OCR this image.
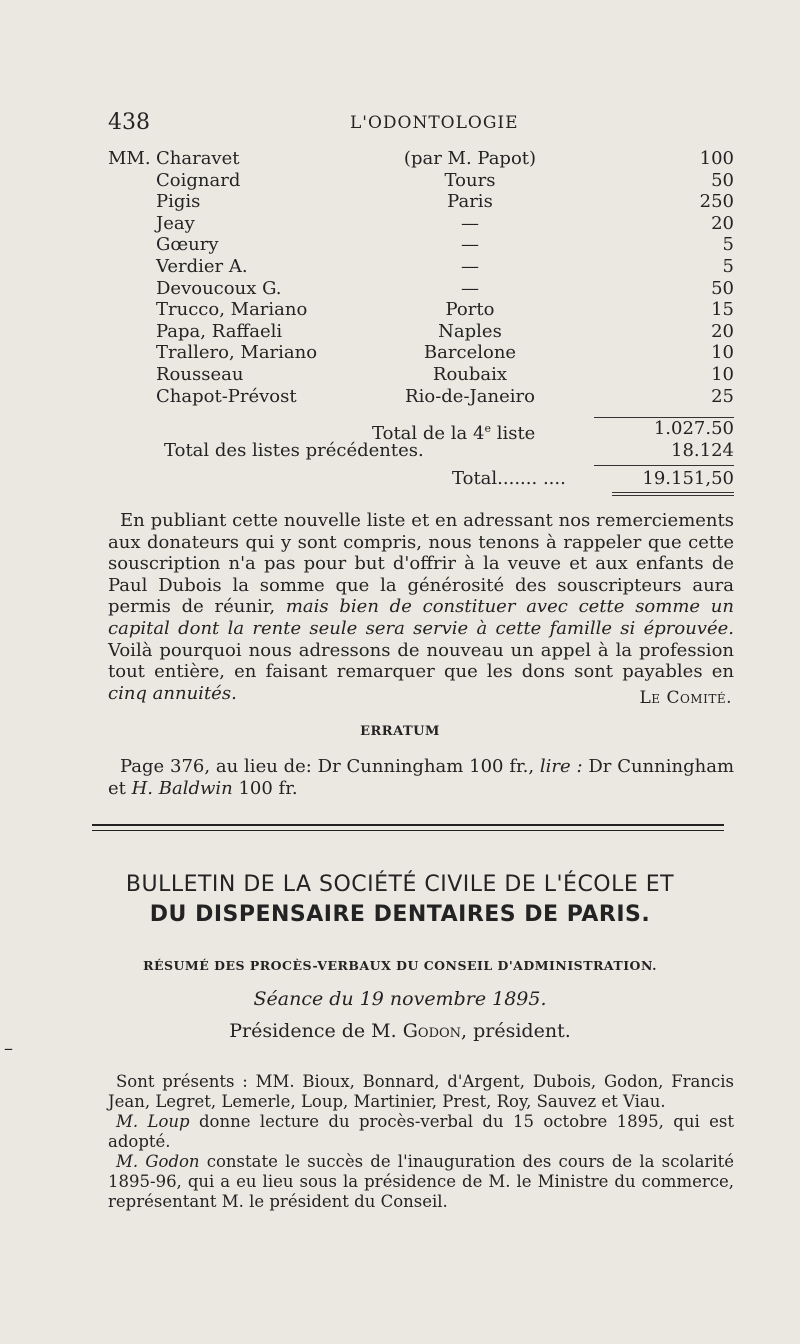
438	L'ODONTOLOGIE
MM. Charavet	(par M. Papot)	100
Coignard	Tours	50
Pigis	Paris	250
Jeay	—	20
Gœury	—	5
Verdier A.	—	5
Devoucoux G.	—	50
Trucco, Mariano	Porto	15
Papa, Raffaeli	Naples	20
Trallero, Mariano	Barcelone	10
Rousseau	Roubaix	10
Chapot-Prévost	Rio-de-Janeiro	25
Total de la 4e liste	1.027.50
Total des listes précédentes.	18.124
Total....... ....	19.151,50
En publiant cette nouvelle liste et en adressant nos remerciements aux donateurs qui y sont compris, nous tenons à rappeler que cette souscription n'a pas pour but d'offrir à la veuve et aux enfants de Paul Dubois la somme que la générosité des souscripteurs aura permis de réunir, mais bien de constituer avec cette somme un capital dont la rente seule sera servie à cette famille si éprouvée. Voilà pourquoi nous adressons de nouveau un appel à la profession tout entière, en faisant remarquer que les dons sont payables en cinq annuités.	Le Comité.
ERRATUM
Page 376, au lieu de: Dr Cunningham 100 fr., lire : Dr Cunningham et H. Baldwin 100 fr.
BULLETIN DE LA SOCIÉTÉ CIVILE DE L'ÉCOLE ET
DU DISPENSAIRE DENTAIRES DE PARIS.
RÉSUMÉ DES PROCÈS-VERBAUX DU CONSEIL D'ADMINISTRATION.
Séance du 19 novembre 1895.
Présidence de M. Godon, président.
–
Sont présents : MM. Bioux, Bonnard, d'Argent, Dubois, Godon, Francis Jean, Legret, Lemerle, Loup, Martinier, Prest, Roy, Sauvez et Viau.
M. Loup donne lecture du procès-verbal du 15 octobre 1895, qui est adopté.
M. Godon constate le succès de l'inauguration des cours de la scolarité 1895-96, qui a eu lieu sous la présidence de M. le Ministre du commerce, représentant M. le président du Conseil.
